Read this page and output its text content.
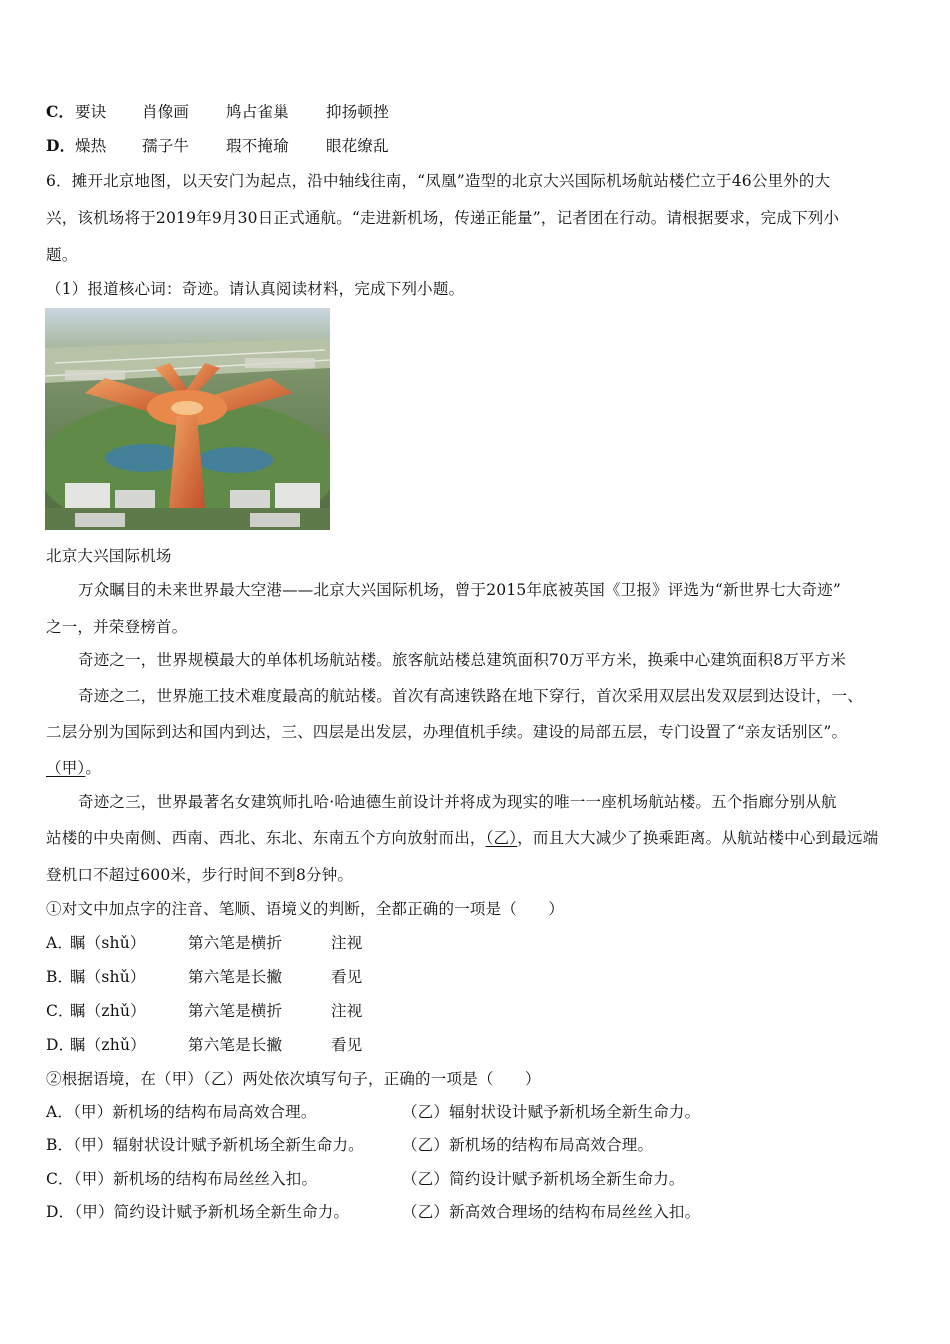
C． 要诀 肖像画 鸠占雀巢 抑扬顿挫
D． 燥热 孺子牛 瑕不掩瑜 眼花缭乱
6．摊开北京地图，以天安门为起点，沿中轴线往南，“凤凰”造型的北京大兴国际机场航站楼伫立于46公里外的大
兴，该机场将于2019年9月30日正式通航。“走进新机场，传递正能量”，记者团在行动。请根据要求，完成下列小
题。
（1）报道核心词：奇迹。请认真阅读材料，完成下列小题。
北京大兴国际机场
万众瞩目的未来世界最大空港——北京大兴国际机场，曾于2015年底被英国《卫报》评选为“新世界七大奇迹”
之一，并荣登榜首。
奇迹之一，世界规模最大的单体机场航站楼。旅客航站楼总建筑面积70万平方米，换乘中心建筑面积8万平方米
奇迹之二，世界施工技术难度最高的航站楼。首次有高速铁路在地下穿行，首次采用双层出发双层到达设计，一、
二层分别为国际到达和国内到达，三、四层是出发层，办理值机手续。建设的局部五层，专门设置了“亲友话别区”。
（甲）。
奇迹之三，世界最著名女建筑师扎哈·哈迪德生前设计并将成为现实的唯一一座机场航站楼。五个指廊分别从航
站楼的中央南侧、西南、西北、东北、东南五个方向放射而出，（乙），而且大大减少了换乘距离。从航站楼中心到最远端
登机口不超过600米，步行时间不到8分钟。
①对文中加点字的注音、笔顺、语境义的判断，全都正确的一项是（　　）
A．
瞩（shǔ）	第六笔是横折	注视
B．
瞩（shǔ）	第六笔是长撇	看见
C．
瞩（zhǔ）	第六笔是横折	注视
D．
瞩（zhǔ）	第六笔是长撇	看见
②根据语境，在（甲）（乙）两处依次填写句子，正确的一项是（　　）
A．（甲）新机场的结构布局高效合理。	（乙）辐射状设计赋予新机场全新生命力。
B．（甲）辐射状设计赋予新机场全新生命力。 （乙）新机场的结构布局高效合理。
C．（甲）新机场的结构布局丝丝入扣。	（乙）简约设计赋予新机场全新生命力。
D．（甲）简约设计赋予新机场全新生命力。	（乙）新高效合理场的结构布局丝丝入扣。
